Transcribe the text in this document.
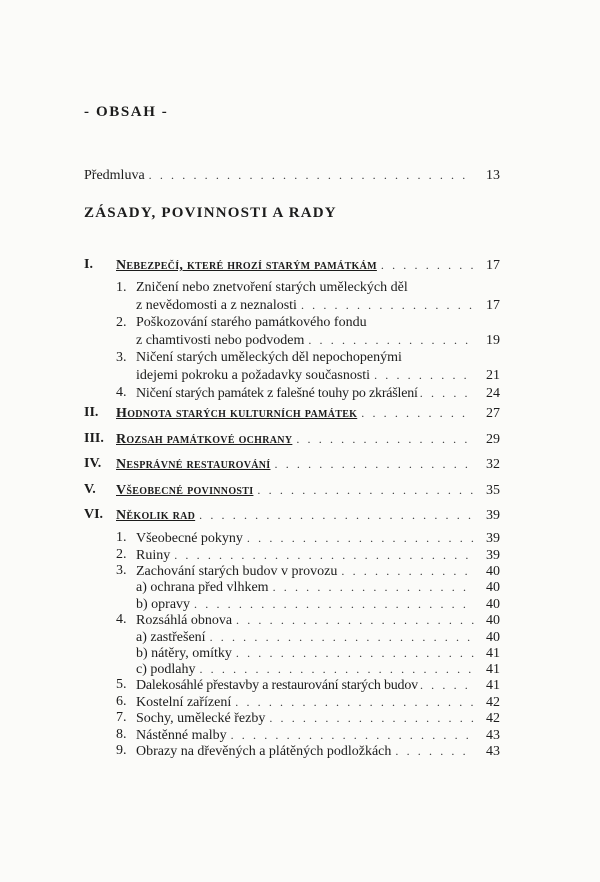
- OBSAH -
Předmluva . . .	13
ZÁSADY, POVINNOSTI A RADY
I. Nebezpečí, které hrozí starým památkám . . .	17
1. Zničení nebo znetvoření starých uměleckých děl
z nevědomosti a z neznalosti . . .	17
2. Poškozování starého památkového fondu
z chamtivosti nebo podvodem . . .	19
3. Ničení starých uměleckých děl nepochopenými
idejemi pokroku a požadavky současnosti . . .	21
4. Ničení starých památek z falešné touhy po zkrášlení . . .	24
II. Hodnota starých kulturních památek . . .	27
III. Rozsah památkové ochrany . . .	29
IV. Nesprávné restaurování . . .	32
V. Všeobecné povinnosti . . .	35
VI. Několik rad . . .	39
1. Všeobecné pokyny . . .	39
2. Ruiny . . .	39
3. Zachování starých budov v provozu . . .	40
a) ochrana před vlhkem . . .	40
b) opravy . . .	40
4. Rozsáhlá obnova . . .	40
a) zastřešení . . .	40
b) nátěry, omítky . . .	41
c) podlahy . . .	41
5. Dalekosáhlé přestavby a restaurování starých budov . . .	41
6. Kostelní zařízení . . .	42
7. Sochy, umělecké řezby . . .	42
8. Nástěnné malby . . .	43
9. Obrazy na dřevěných a plátěných podložkách . . .	43
